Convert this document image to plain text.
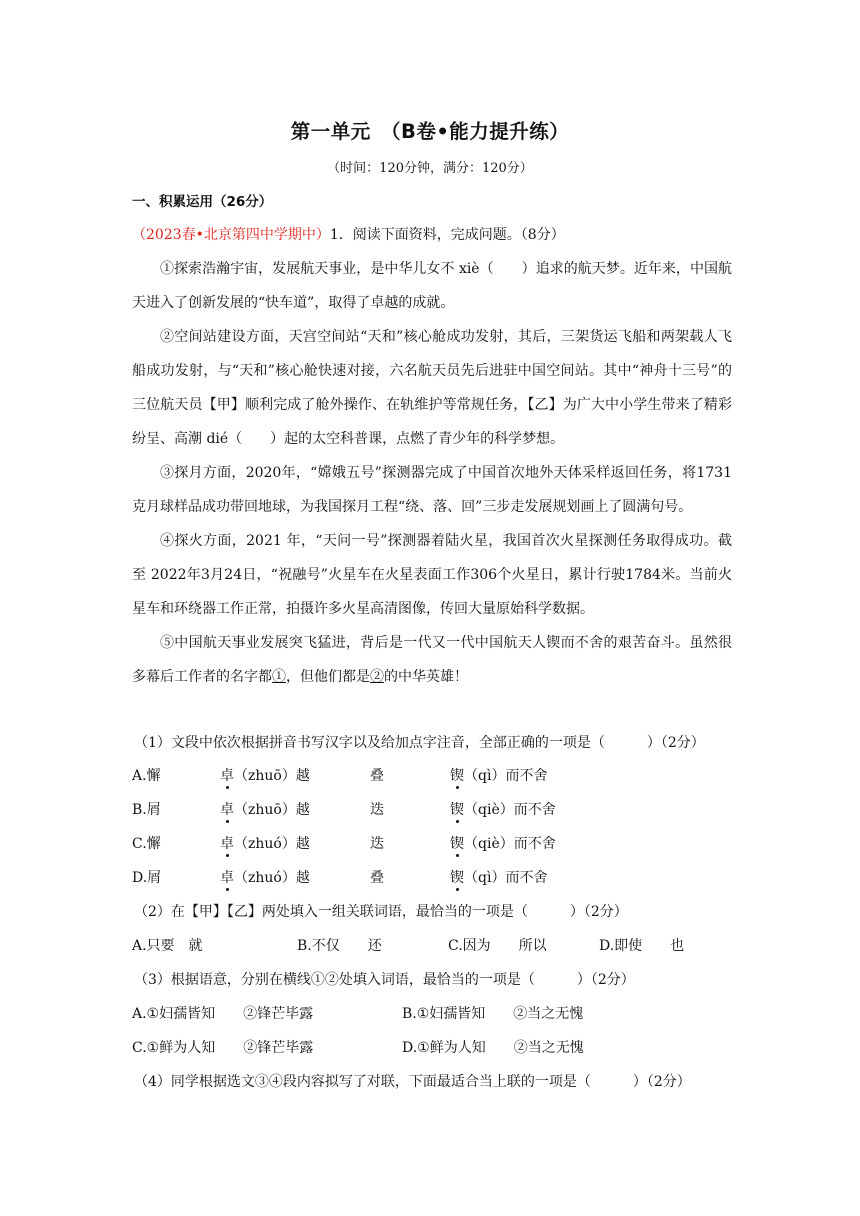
第一单元　（B卷•能力提升练）
（时间：120分钟，满分：120分）
一、积累运用（26分）
（2023春•北京第四中学期中）1．阅读下面资料，完成问题。（8分）

①探索浩瀚宇宙，发展航天事业，是中华儿女不 xiè（　　）追求的航天梦。近年来，中国航天进入了创新发展的“快车道”，取得了卓越的成就。

②空间站建设方面，天宫空间站“天和”核心舱成功发射，其后，三架货运飞船和两架载人飞船成功发射，与“天和”核心舱快速对接，六名航天员先后进驻中国空间站。其中“神舟十三号”的三位航天员【甲】顺利完成了舱外操作、在轨维护等常规任务，【乙】为广大中小学生带来了精彩纷呈、高潮 dié（　　）起的太空科普课，点燃了青少年的科学梦想。

③探月方面，2020年，“嫦娥五号”探测器完成了中国首次地外天体采样返回任务，将1731克月球样品成功带回地球，为我国探月工程“绕、落、回”三步走发展规划画上了圆满句号。

④探火方面，2021 年，“天问一号”探测器着陆火星，我国首次火星探测任务取得成功。截至 2022年3月24日，“祝融号”火星车在火星表面工作306个火星日，累计行驶1784米。当前火星车和环绕器工作正常，拍摄许多火星高清图像，传回大量原始科学数据。

⑤中国航天事业发展突飞猛进，背后是一代又一代中国航天人锲而不舍的艰苦奋斗。虽然很多幕后工作者的名字都①，但他们都是②的中华英雄！

（1）文段中依次根据拼音书写汉字以及给加点字注音，全部正确的一项是（　　　）（2分）
A.懈	卓（zhuō）越	叠	锲（qì）而不舍
B.屑	卓（zhuō）越	迭	锲（qiè）而不舍
C.懈	卓（zhuó）越	迭	锲（qiè）而不舍
D.屑	卓（zhuó）越	叠	锲（qì）而不舍
（2）在【甲】【乙】两处填入一组关联词语，最恰当的一项是（　　　）（2分）
A.只要　就	B.不仅　　还	C.因为　　所以	D.即使　　也
（3）根据语意，分别在横线①②处填入词语，最恰当的一项是（　　　）（2分）
A.①妇孺皆知　　②锋芒毕露	B.①妇孺皆知　　②当之无愧
C.①鲜为人知　　②锋芒毕露	D.①鲜为人知　　②当之无愧
（4）同学根据选文③④段内容拟写了对联，下面最适合当上联的一项是（　　　）（2分）
